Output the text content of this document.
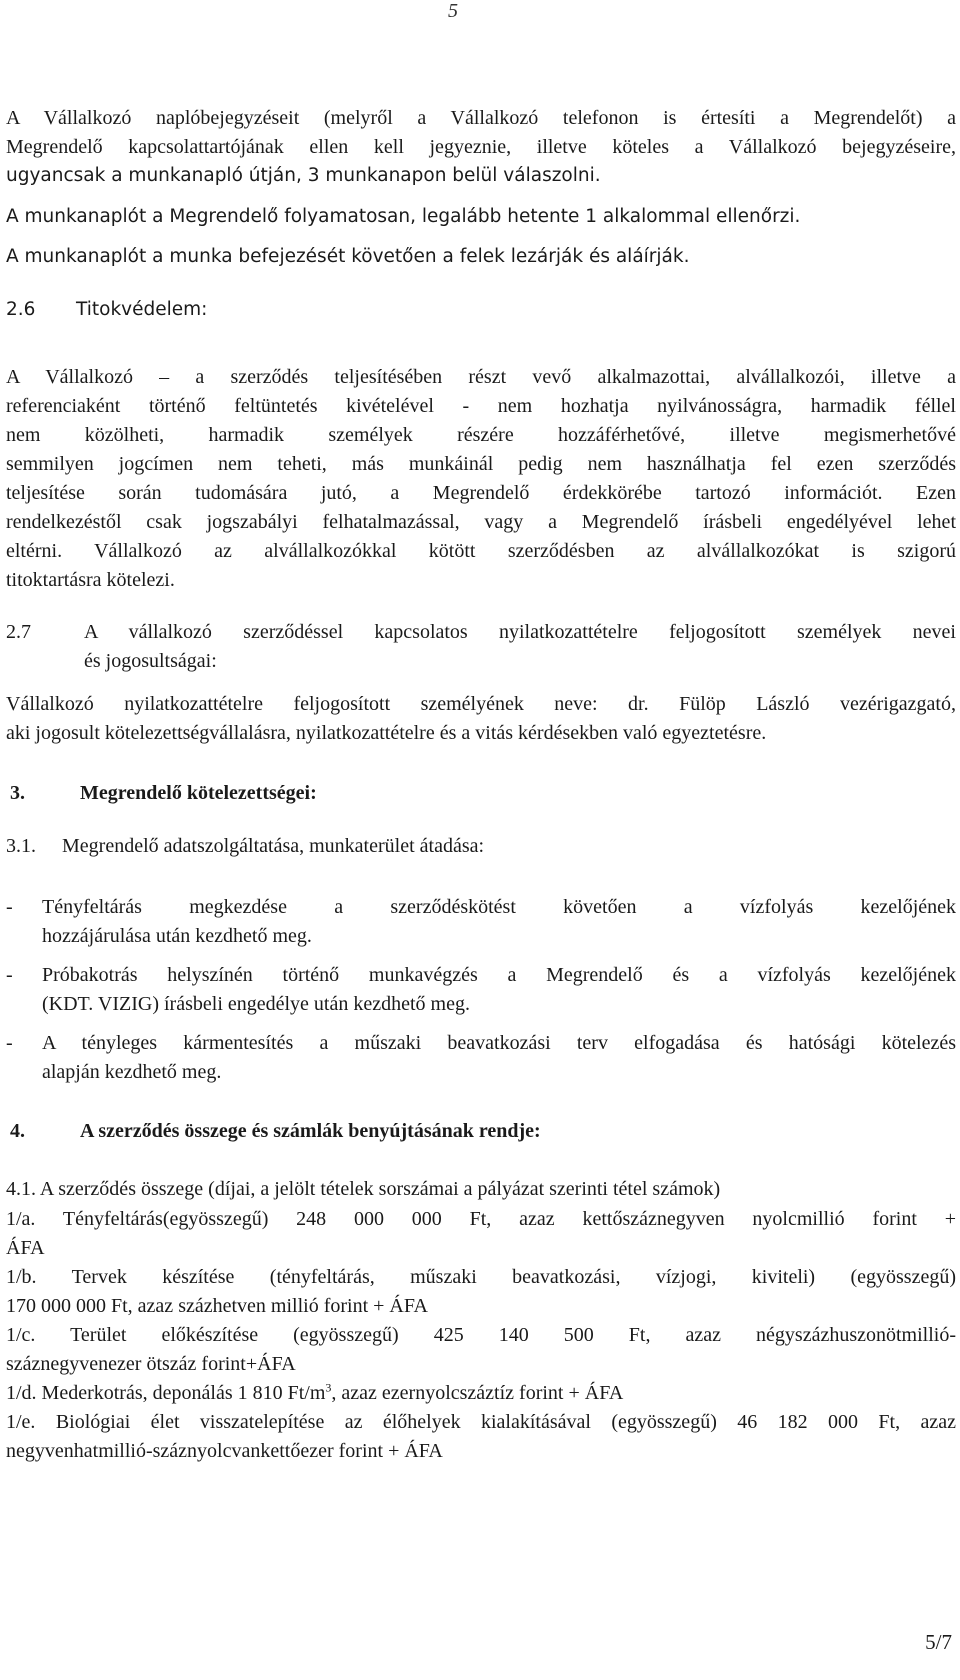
5
A Vállalkozó naplóbejegyzéseit (melyről a Vállalkozó telefonon is értesíti a Megrendelőt) a
Megrendelő kapcsolattartójának ellen kell jegyeznie, illetve köteles a Vállalkozó bejegyzéseire,
ugyancsak a munkanapló útján, 3 munkanapon belül válaszolni.
A munkanaplót a Megrendelő folyamatosan, legalább hetente 1 alkalommal ellenőrzi.
A munkanaplót a munka befejezését követően a felek lezárják és aláírják.
2.6 Titokvédelem:
A Vállalkozó – a szerződés teljesítésében részt vevő alkalmazottai, alvállalkozói, illetve a
referenciaként történő feltüntetés kivételével - nem hozhatja nyilvánosságra, harmadik féllel
nem közölheti, harmadik személyek részére hozzáférhetővé, illetve megismerhetővé
semmilyen jogcímen nem teheti, más munkáinál pedig nem használhatja fel ezen szerződés
teljesítése során tudomására jutó, a Megrendelő érdekkörébe tartozó információt. Ezen
rendelkezéstől csak jogszabályi felhatalmazással, vagy a Megrendelő írásbeli engedélyével lehet
eltérni. Vállalkozó az alvállalkozókkal kötött szerződésben az alvállalkozókat is szigorú
titoktartásra kötelezi.
2.7	A vállalkozó szerződéssel kapcsolatos nyilatkozattételre feljogosított személyek nevei
és jogosultságai:
Vállalkozó nyilatkozattételre feljogosított személyének neve: dr. Fülöp László vezérigazgató,
aki jogosult kötelezettségvállalásra, nyilatkozattételre és a vitás kérdésekben való egyeztetésre.
3.	Megrendelő kötelezettségei:
3.1. Megrendelő adatszolgáltatása, munkaterület átadása:
- Tényfeltárás megkezdése a szerződéskötést követően a vízfolyás kezelőjének
hozzájárulása után kezdhető meg.
- Próbakotrás helyszínén történő munkavégzés a Megrendelő és a vízfolyás kezelőjének
(KDT. VIZIG) írásbeli engedélye után kezdhető meg.
- A tényleges kármentesítés a műszaki beavatkozási terv elfogadása és hatósági kötelezés
alapján kezdhető meg.
4.	A szerződés összege és számlák benyújtásának rendje:
4.1. A szerződés összege (díjai, a jelölt tételek sorszámai a pályázat szerinti tétel számok)
1/a. Tényfeltárás(egyösszegű) 248 000 000 Ft, azaz kettőszáznegyven nyolcmillió forint +
ÁFA
1/b. Tervek készítése (tényfeltárás, műszaki beavatkozási, vízjogi, kiviteli) (egyösszegű)
170 000 000 Ft, azaz százhetven millió forint + ÁFA
1/c. Terület előkészítése (egyösszegű) 425 140 500 Ft, azaz négyszázhuszonötmillió-
száznegyvenezer ötszáz forint+ÁFA
1/d. Mederkotrás, deponálás 1 810 $Ft/m^3$, azaz ezernyolcszáztíz forint + ÁFA
1/e. Biológiai élet visszatelepítése az élőhelyek kialakításával (egyösszegű) 46 182 000 Ft, azaz
negyvenhatmillió-száznyolcvankettőezer forint + ÁFA
5/7
